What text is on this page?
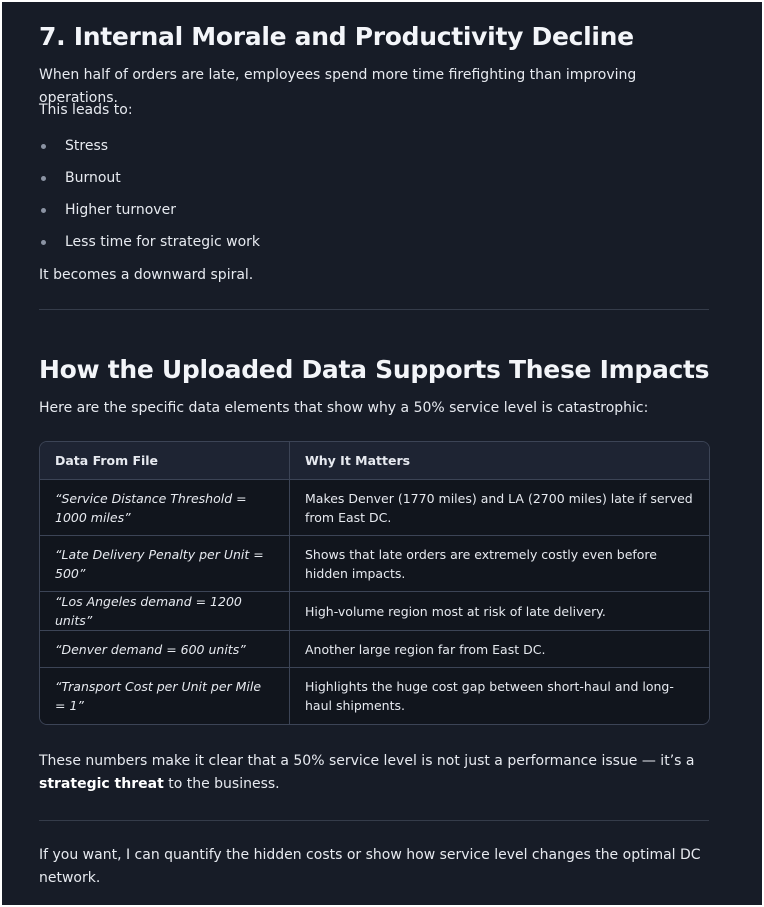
7. Internal Morale and Productivity Decline

When half of orders are late, employees spend more time firefighting than improving operations.

This leads to:

Stress
Burnout
Higher turnover
Less time for strategic work

It becomes a downward spiral.

How the Uploaded Data Supports These Impacts

Here are the specific data elements that show why a 50% service level is catastrophic:

Data From File	Why It Matters
“Service Distance Threshold = 1000 miles”	Makes Denver (1770 miles) and LA (2700 miles) late if served from East DC.
“Late Delivery Penalty per Unit = 500”	Shows that late orders are extremely costly even before hidden impacts.
“Los Angeles demand = 1200 units”	High-volume region most at risk of late delivery.
“Denver demand = 600 units”	Another large region far from East DC.
“Transport Cost per Unit per Mile = 1”	Highlights the huge cost gap between short-haul and long-haul shipments.

These numbers make it clear that a 50% service level is not just a performance issue — it’s a strategic threat to the business.

If you want, I can quantify the hidden costs or show how service level changes the optimal DC network.
